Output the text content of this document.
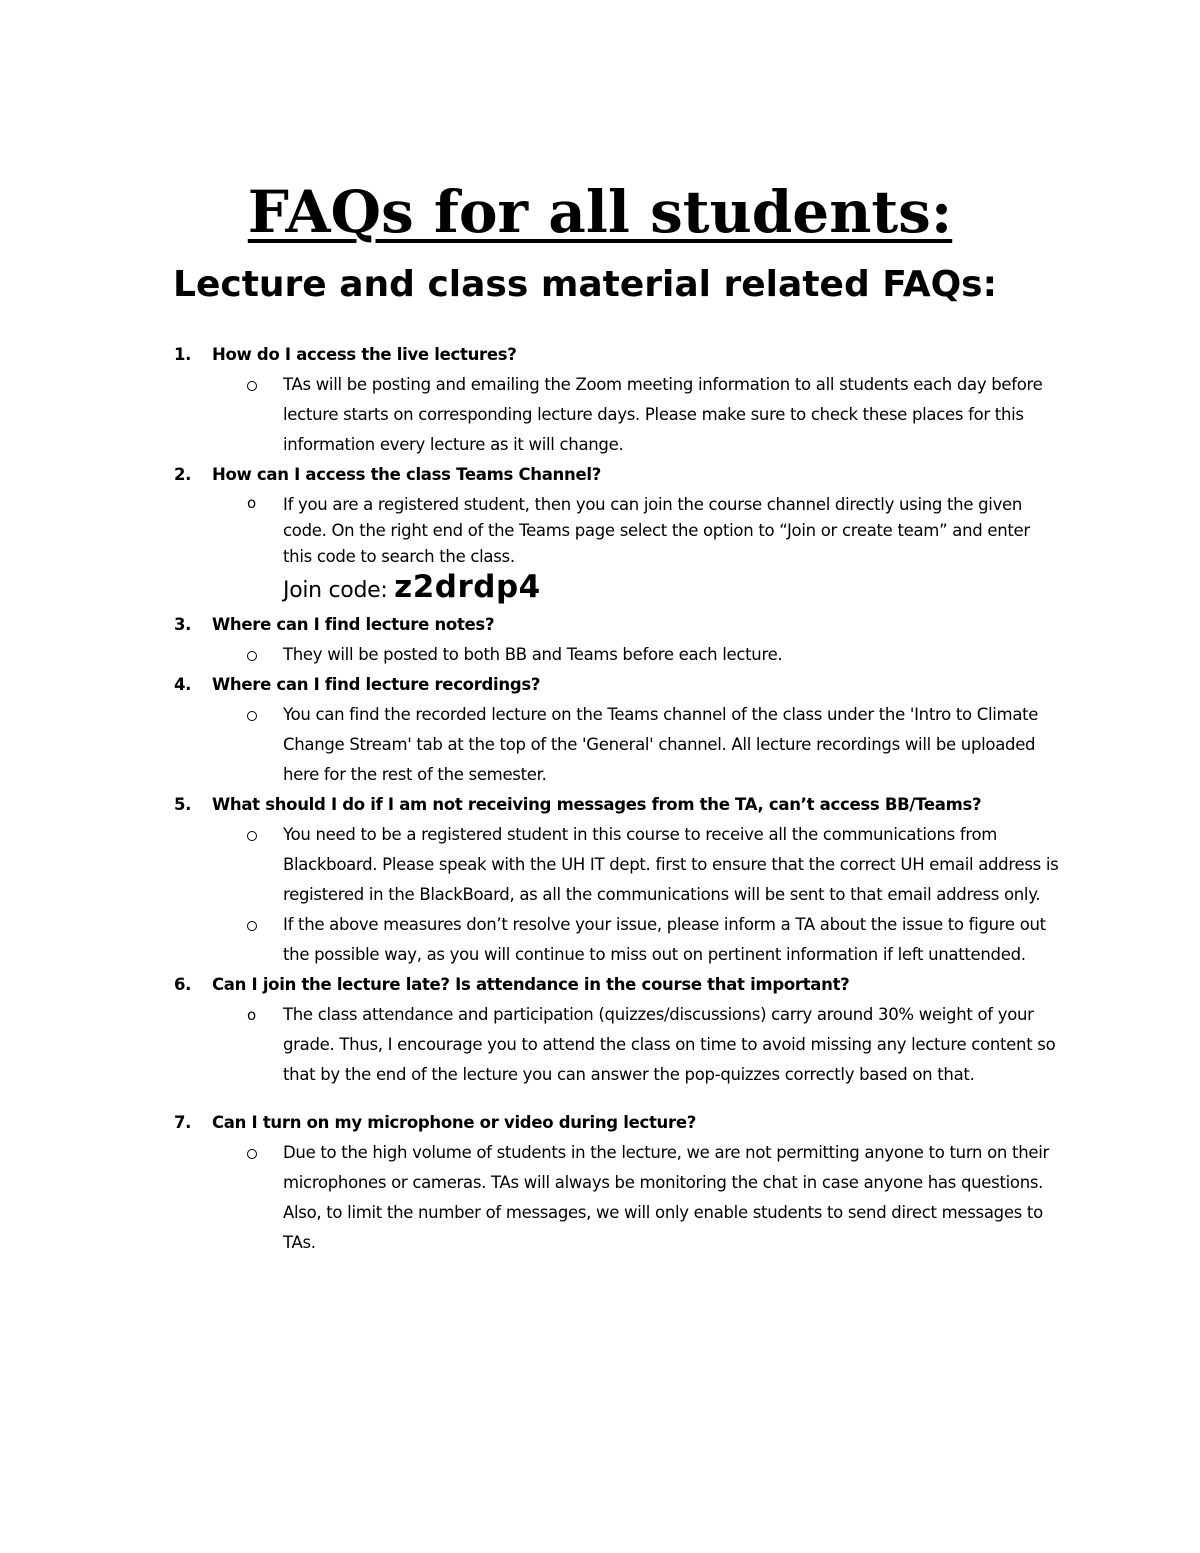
FAQs for all students:
Lecture and class material related FAQs:
1. How do I access the live lectures?
TAs will be posting and emailing the Zoom meeting information to all students each day before lecture starts on corresponding lecture days. Please make sure to check these places for this information every lecture as it will change.
2. How can I access the class Teams Channel?
o If you are a registered student, then you can join the course channel directly using the given code. On the right end of the Teams page select the option to “Join or create team” and enter this code to search the class.
Join code: z2drdp4
3. Where can I find lecture notes?
They will be posted to both BB and Teams before each lecture.
4. Where can I find lecture recordings?
You can find the recorded lecture on the Teams channel of the class under the 'Intro to Climate Change Stream' tab at the top of the 'General' channel. All lecture recordings will be uploaded here for the rest of the semester.
5. What should I do if I am not receiving messages from the TA, can’t access BB/Teams?
You need to be a registered student in this course to receive all the communications from Blackboard. Please speak with the UH IT dept. first to ensure that the correct UH email address is registered in the BlackBoard, as all the communications will be sent to that email address only.
If the above measures don’t resolve your issue, please inform a TA about the issue to figure out the possible way, as you will continue to miss out on pertinent information if left unattended.
6. Can I join the lecture late? Is attendance in the course that important?
o The class attendance and participation (quizzes/discussions) carry around 30% weight of your grade. Thus, I encourage you to attend the class on time to avoid missing any lecture content so that by the end of the lecture you can answer the pop-quizzes correctly based on that.
7. Can I turn on my microphone or video during lecture?
Due to the high volume of students in the lecture, we are not permitting anyone to turn on their microphones or cameras. TAs will always be monitoring the chat in case anyone has questions. Also, to limit the number of messages, we will only enable students to send direct messages to TAs.
